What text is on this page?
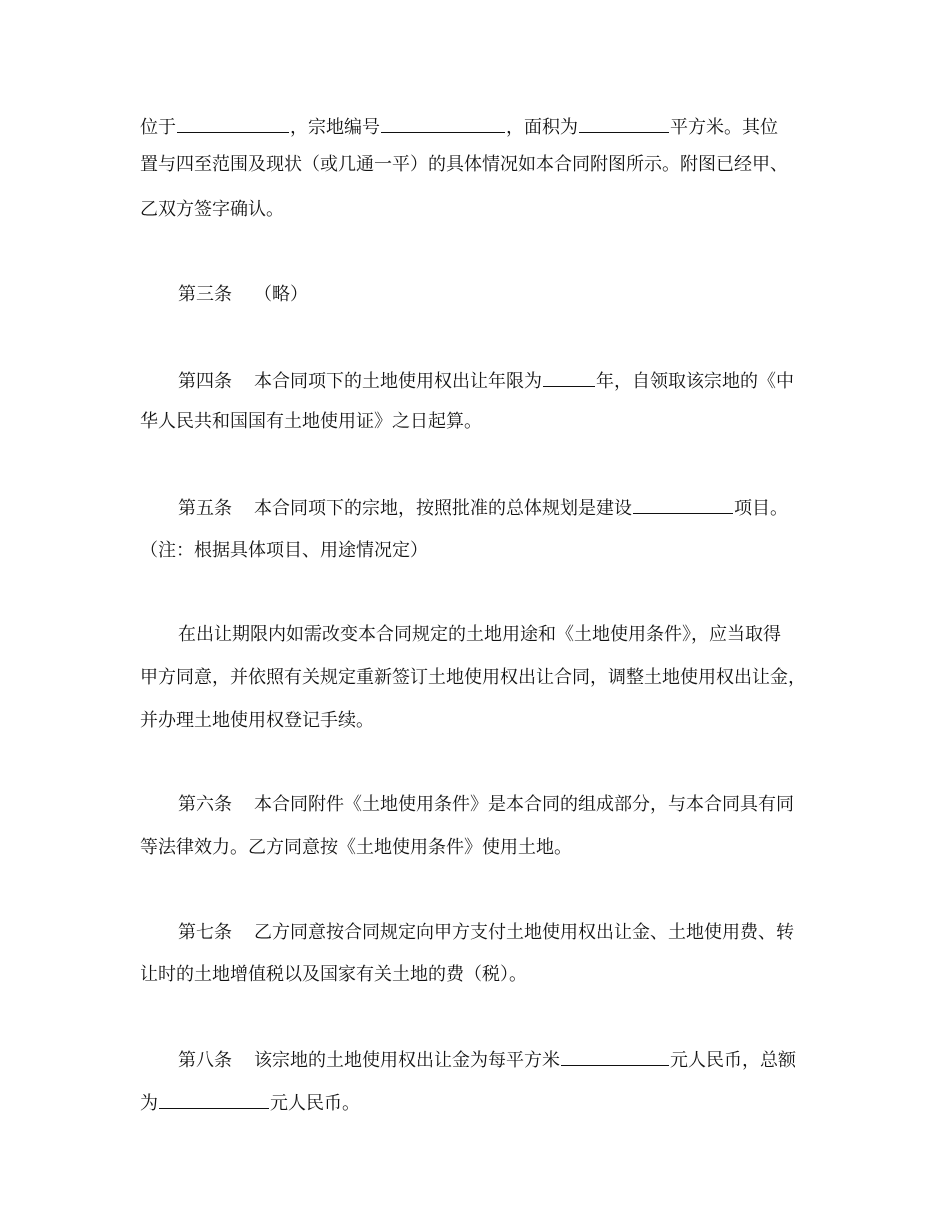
位于	，宗地编号	，面积为	平方米。其位
置与四至范围及现状（或几通一平）的具体情况如本合同附图所示。附图已经甲、
乙双方签字确认。
第三条 （略）
第四条 本合同项下的土地使用权出让年限为	年，自领取该宗地的《中
华人民共和国国有土地使用证》之日起算。
第五条 本合同项下的宗地，按照批准的总体规划是建设	项目。
（注：根据具体项目、用途情况定）
在出让期限内如需改变本合同规定的土地用途和《土地使用条件》，应当取得
甲方同意，并依照有关规定重新签订土地使用权出让合同，调整土地使用权出让金，
并办理土地使用权登记手续。
第六条 本合同附件《土地使用条件》是本合同的组成部分，与本合同具有同
等法律效力。乙方同意按《土地使用条件》使用土地。
第七条 乙方同意按合同规定向甲方支付土地使用权出让金、土地使用费、转
让时的土地增值税以及国家有关土地的费（税）。
第八条 该宗地的土地使用权出让金为每平方米	元人民币，总额
为	元人民币。
